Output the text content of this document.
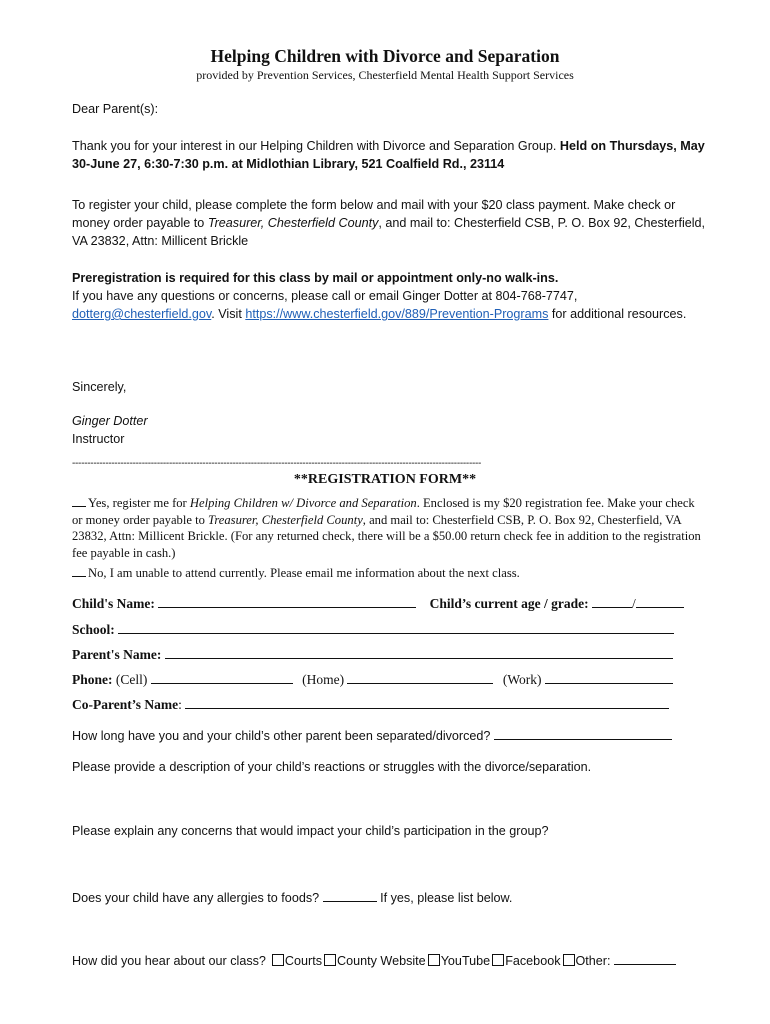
Helping Children with Divorce and Separation
provided by Prevention Services, Chesterfield Mental Health Support Services
Dear Parent(s):
Thank you for your interest in our Helping Children with Divorce and Separation Group. Held on Thursdays, May 30-June 27, 6:30-7:30 p.m. at Midlothian Library, 521 Coalfield Rd., 23114
To register your child, please complete the form below and mail with your $20 class payment. Make check or money order payable to Treasurer, Chesterfield County, and mail to: Chesterfield CSB, P. O. Box 92, Chesterfield, VA 23832, Attn: Millicent Brickle
Preregistration is required for this class by mail or appointment only-no walk-ins.
If you have any questions or concerns, please call or email Ginger Dotter at 804-768-7747, dotterg@chesterfield.gov. Visit https://www.chesterfield.gov/889/Prevention-Programs for additional resources.
Sincerely,
Ginger Dotter
Instructor
---------------------------------------------------------------------------------------------------------------------------------------
**REGISTRATION FORM**
Yes, register me for Helping Children w/ Divorce and Separation. Enclosed is my $20 registration fee. Make your check or money order payable to Treasurer, Chesterfield County, and mail to: Chesterfield CSB, P. O. Box 92, Chesterfield, VA 23832, Attn: Millicent Brickle. (For any returned check, there will be a $50.00 return check fee in addition to the registration fee payable in cash.)
No, I am unable to attend currently. Please email me information about the next class.
Child's Name:	Child’s current age / grade:	/
School:
Parent's Name:
Phone: (Cell)	(Home)	(Work)
Co-Parent’s Name:
How long have you and your child’s other parent been separated/divorced?
Please provide a description of your child’s reactions or struggles with the divorce/separation.
Please explain any concerns that would impact your child’s participation in the group?
Does your child have any allergies to foods?	If yes, please list below.
How did you hear about our class? Courts County Website YouTube Facebook Other:
